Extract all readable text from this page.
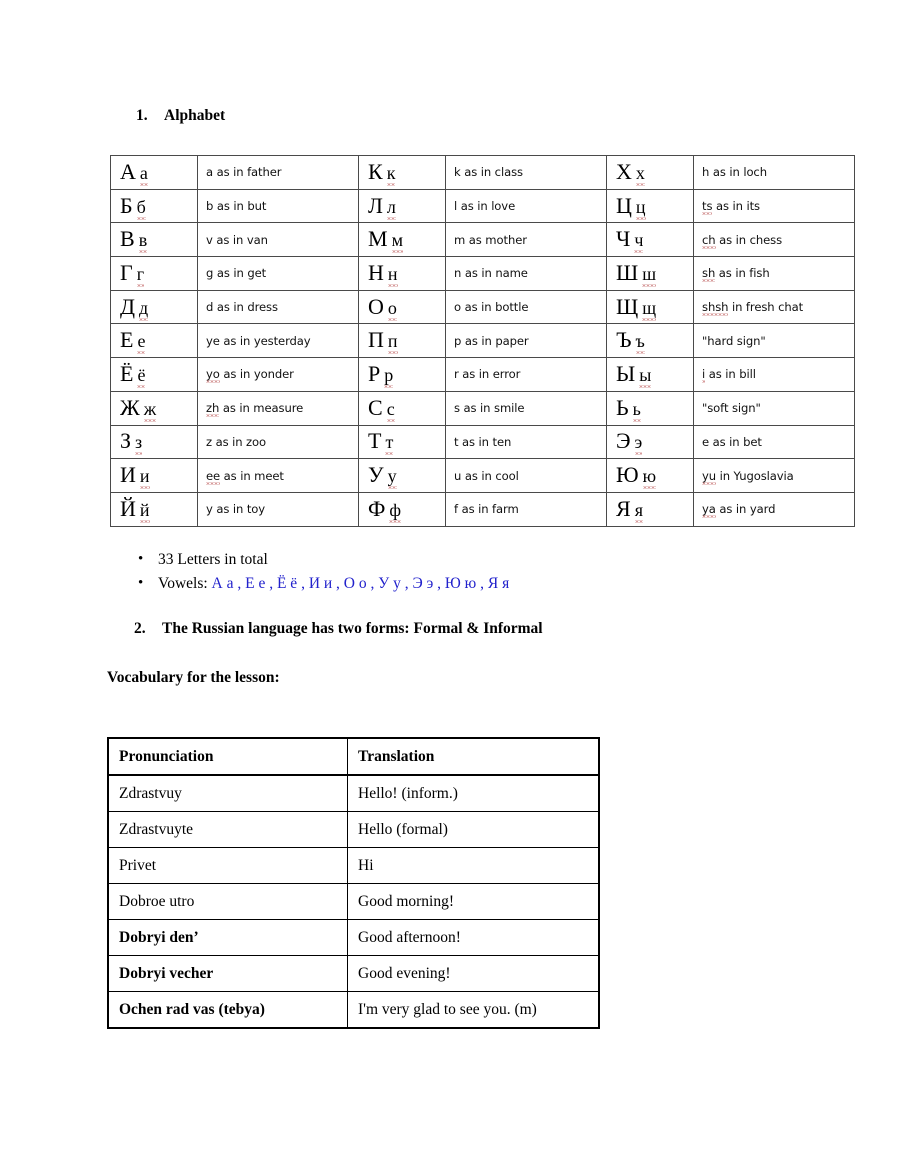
1. Alphabet
А а	a as in father	К к	k as in class	Х х	h as in loch
Б б	b as in but	Л л	l as in love	Ц ц	ts as in its
В в	v as in van	М м	m as mother	Ч ч	ch as in chess
Г г	g as in get	Н н	n as in name	Ш ш	sh as in fish
Д д	d as in dress	О о	o as in bottle	Щ щ	shsh in fresh chat
Е е	ye as in yesterday	П п	p as in paper	Ъ ъ	"hard sign"
Ё ё	yo as in yonder	Р р	r as in error	Ы ы	i as in bill
Ж ж	zh as in measure	С с	s as in smile	Ь ь	"soft sign"
З з	z as in zoo	Т т	t as in ten	Э э	e as in bet
И и	ee as in meet	У у	u as in cool	Ю ю	yu in Yugoslavia
Й й	y as in toy	Ф ф	f as in farm	Я я	ya as in yard
• 33 Letters in total
• Vowels: А а , Е е , Ё ё , И и , О о , У у , Э э , Ю ю , Я я
2. The Russian language has two forms: Formal & Informal
Vocabulary for the lesson:
Pronunciation	Translation
Zdrastvuy	Hello! (inform.)
Zdrastvuyte	Hello (formal)
Privet	Hi
Dobroe utro	Good morning!
Dobryi den’	Good afternoon!
Dobryi vecher	Good evening!
Ochen rad vas (tebya)	I'm very glad to see you. (m)
